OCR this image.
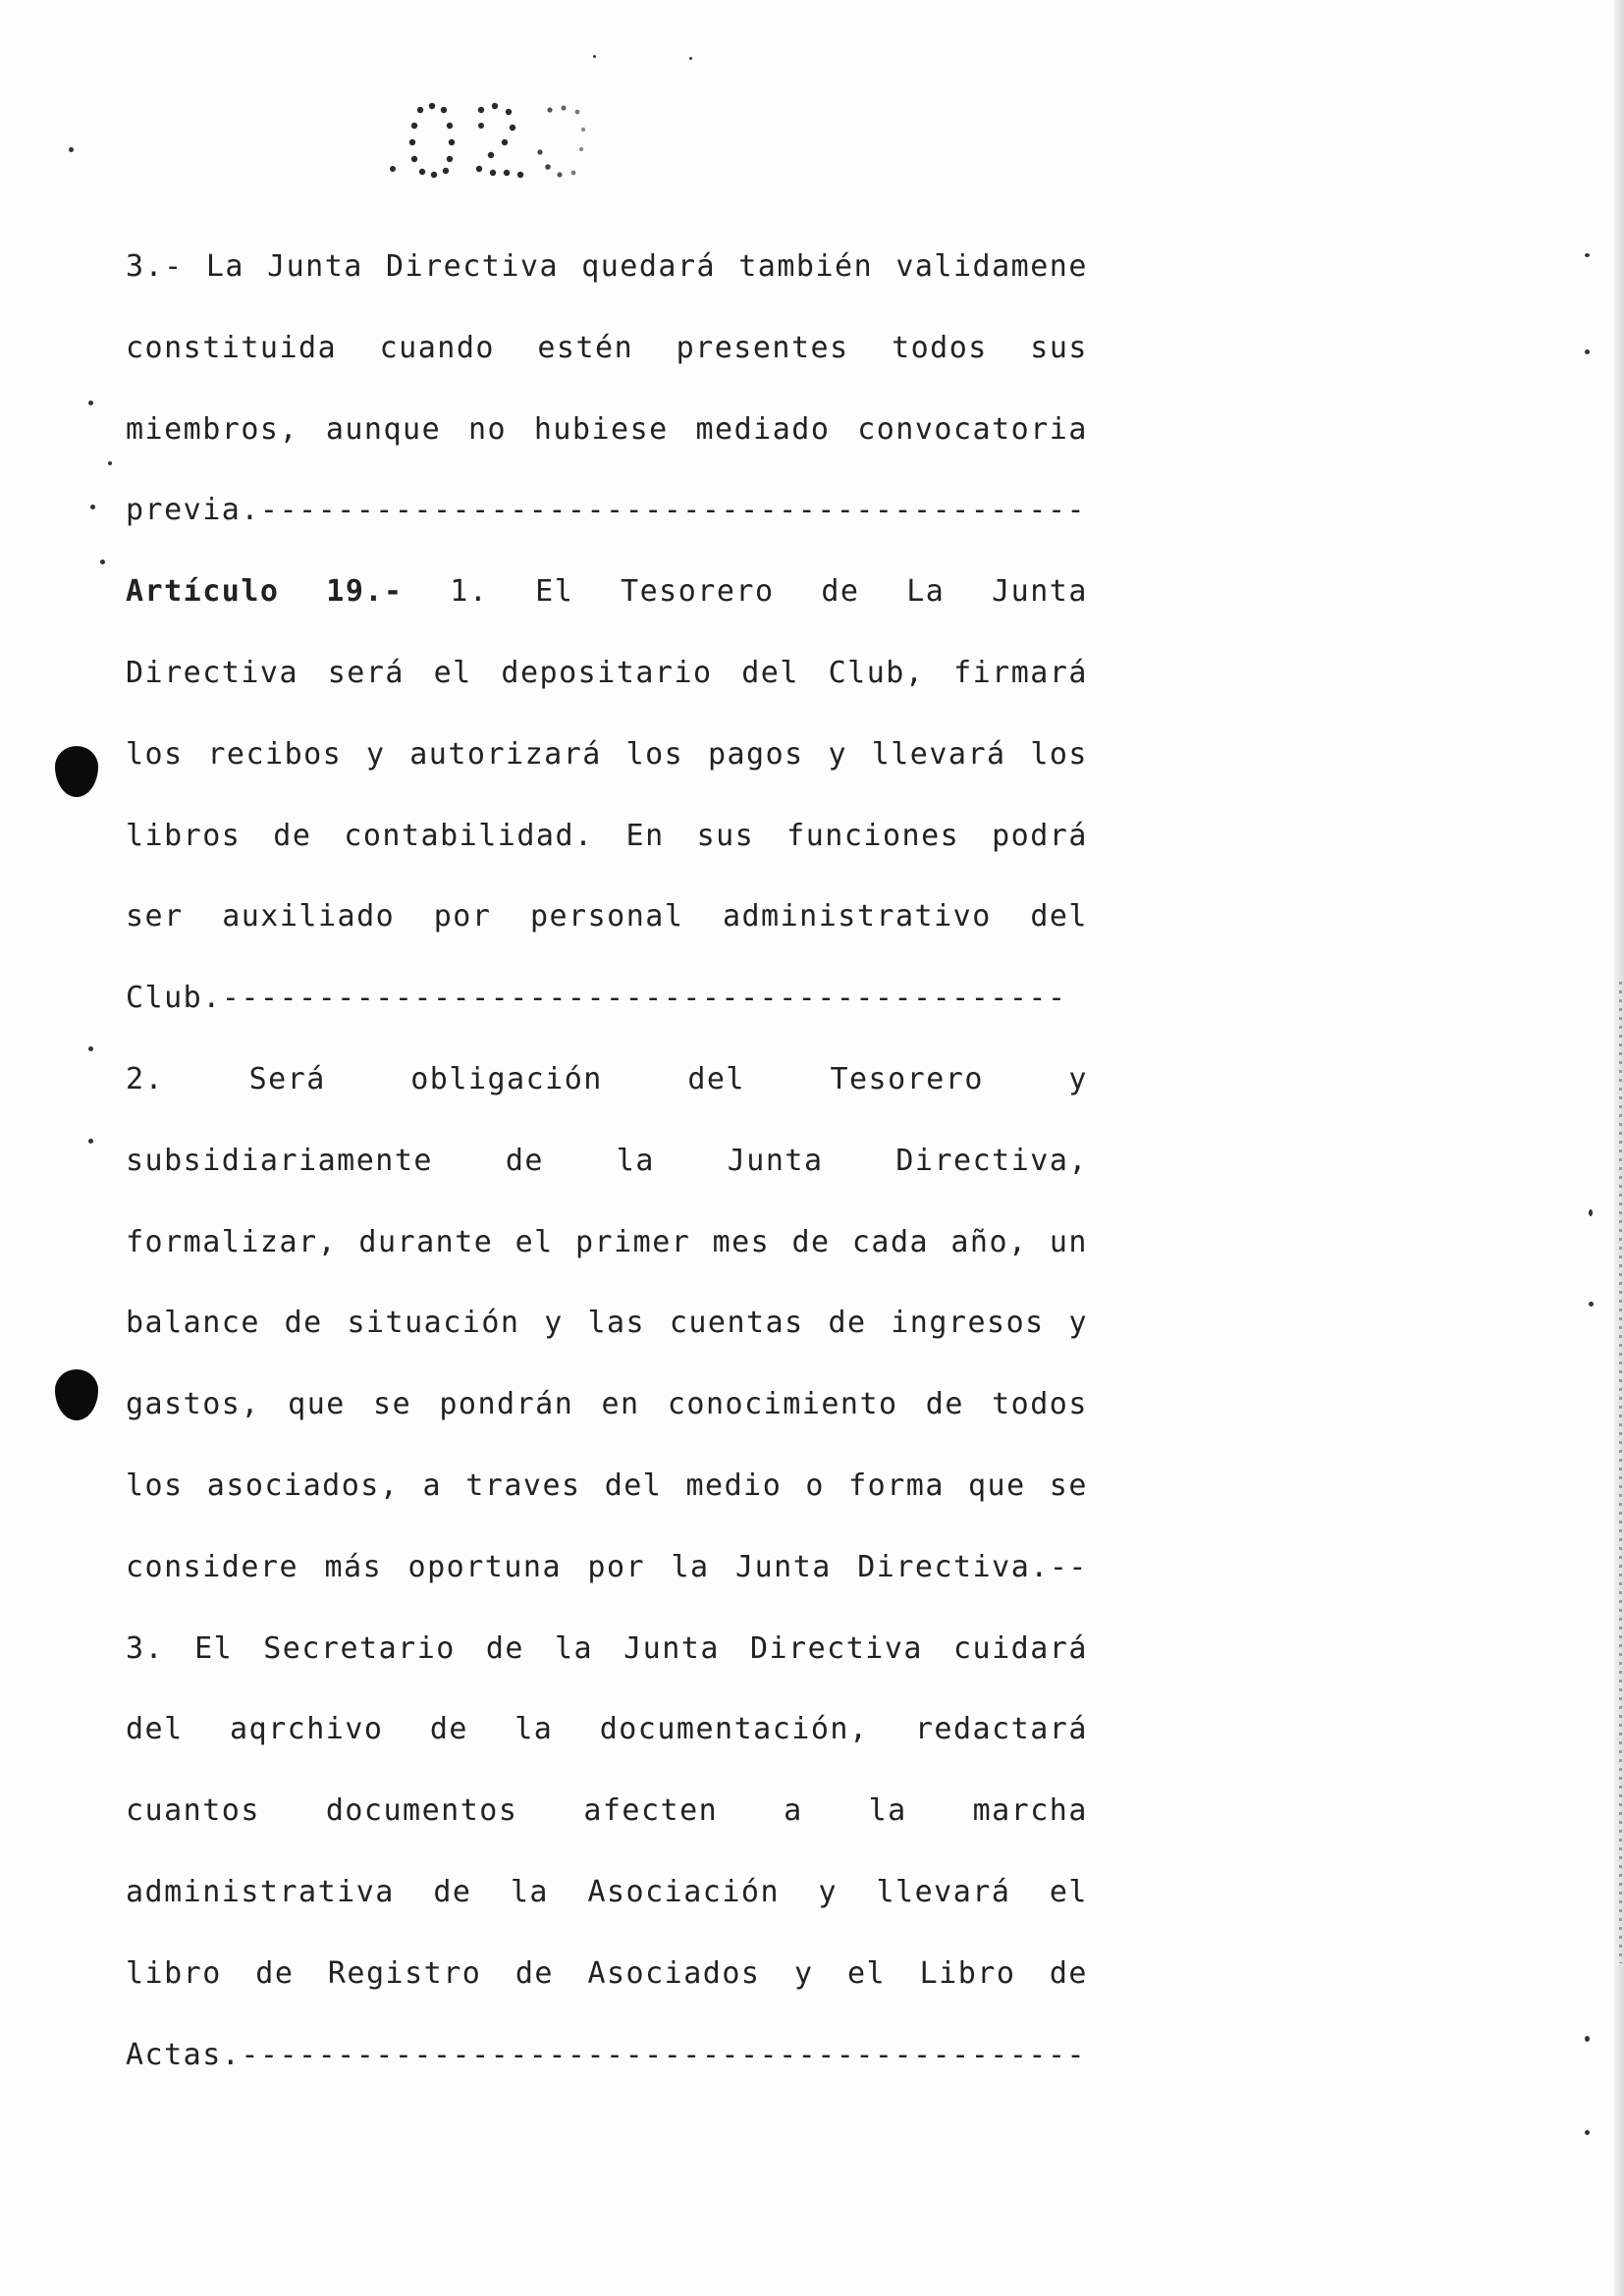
3.- La Junta Directiva quedará también validamene
constituida cuando estén presentes todos sus
miembros, aunque no hubiese mediado convocatoria
previa.-------------------------------------------
Artículo 19.- 1. El Tesorero de La Junta
Directiva será el depositario del Club, firmará
los recibos y autorizará los pagos y llevará los
libros de contabilidad. En sus funciones podrá
ser auxiliado por personal administrativo del
Club.--------------------------------------------
2.	Será	obligación	del	Tesorero	y
subsidiariamente de la Junta Directiva,
formalizar, durante el primer mes de cada año, un
balance de situación y las cuentas de ingresos y
gastos, que se pondrán en conocimiento de todos
los asociados, a traves del medio o forma que se
considere más oportuna por la Junta Directiva.--
3. El Secretario de la Junta Directiva cuidará
del aqrchivo de la documentación, redactará
cuantos documentos afecten a la marcha
administrativa de la Asociación y llevará el
libro de Registro de Asociados y el Libro de
Actas.--------------------------------------------
